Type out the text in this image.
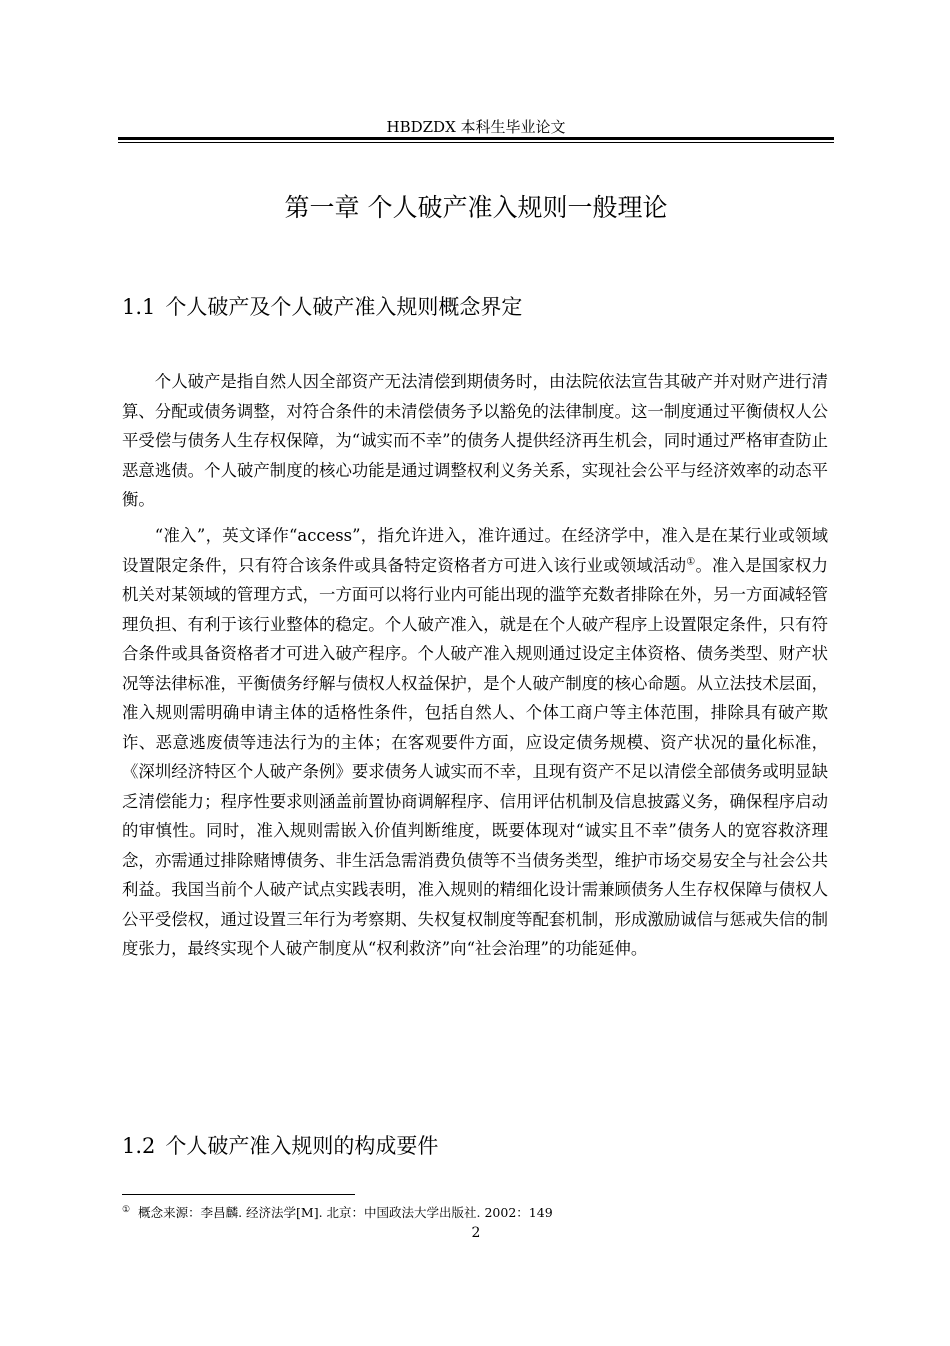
HBDZDX 本科生毕业论文
第一章 个人破产准入规则一般理论
1.1 个人破产及个人破产准入规则概念界定

个人破产是指自然人因全部资产无法清偿到期债务时，由法院依法宣告其破产并对财产进行清算、分配或债务调整，对符合条件的未清偿债务予以豁免的法律制度。这一制度通过平衡债权人公平受偿与债务人生存权保障，为“诚实而不幸”的债务人提供经济再生机会，同时通过严格审查防止恶意逃债。个人破产制度的核心功能是通过调整权利义务关系，实现社会公平与经济效率的动态平衡。

“准入”，英文译作“access”，指允许进入，准许通过。在经济学中，准入是在某行业或领域设置限定条件，只有符合该条件或具备特定资格者方可进入该行业或领域活动①。准入是国家权力机关对某领域的管理方式，一方面可以将行业内可能出现的滥竽充数者排除在外，另一方面减轻管理负担、有利于该行业整体的稳定。个人破产准入，就是在个人破产程序上设置限定条件，只有符合条件或具备资格者才可进入破产程序。个人破产准入规则通过设定主体资格、债务类型、财产状况等法律标准，平衡债务纾解与债权人权益保护，是个人破产制度的核心命题。从立法技术层面，准入规则需明确申请主体的适格性条件，包括自然人、个体工商户等主体范围，排除具有破产欺诈、恶意逃废债等违法行为的主体；在客观要件方面，应设定债务规模、资产状况的量化标准，《深圳经济特区个人破产条例》要求债务人诚实而不幸，且现有资产不足以清偿全部债务或明显缺乏清偿能力；程序性要求则涵盖前置协商调解程序、信用评估机制及信息披露义务，确保程序启动的审慎性。同时，准入规则需嵌入价值判断维度，既要体现对“诚实且不幸”债务人的宽容救济理念，亦需通过排除赌博债务、非生活急需消费负债等不当债务类型，维护市场交易安全与社会公共利益。我国当前个人破产试点实践表明，准入规则的精细化设计需兼顾债务人生存权保障与债权人公平受偿权，通过设置三年行为考察期、失权复权制度等配套机制，形成激励诚信与惩戒失信的制度张力，最终实现个人破产制度从“权利救济”向“社会治理”的功能延伸。

1.2 个人破产准入规则的构成要件
① 概念来源：李昌麟. 经济法学[M]. 北京：中国政法大学出版社. 2002：149
2
